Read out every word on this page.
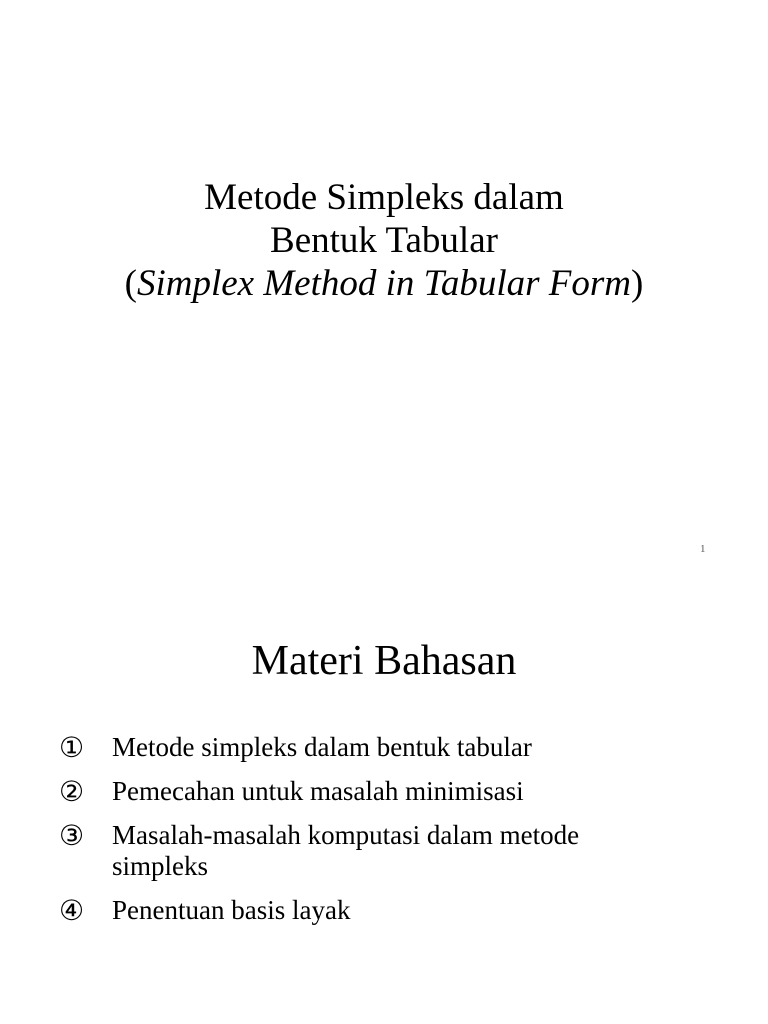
Metode Simpleks dalam
Bentuk Tabular
(Simplex Method in Tabular Form)
1
Materi Bahasan
① Metode simpleks dalam bentuk tabular
② Pemecahan untuk masalah minimisasi
③ Masalah-masalah komputasi dalam metode simpleks
④ Penentuan basis layak
